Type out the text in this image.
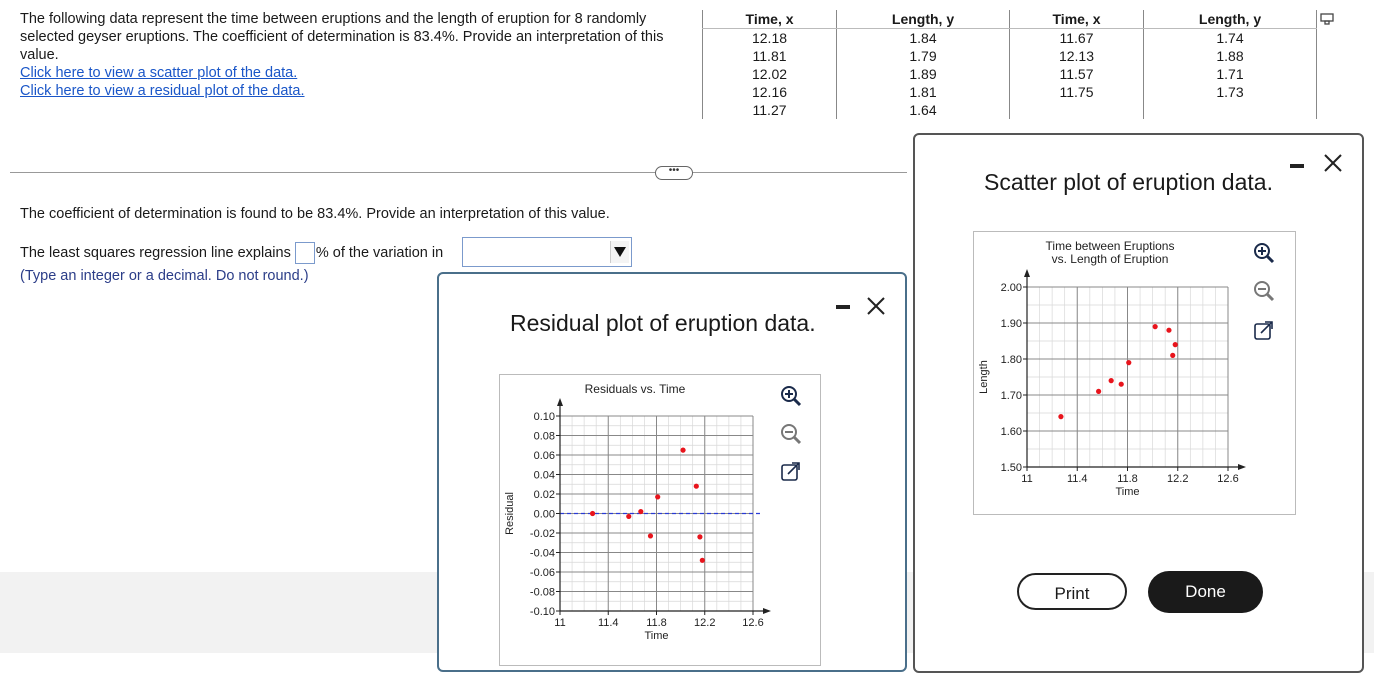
The following data represent the time between eruptions and the length of eruption for 8 randomly selected geyser eruptions. The coefficient of determination is 83.4%. Provide an interpretation of this value.
Click here to view a scatter plot of the data.
Click here to view a residual plot of the data.
Time, x	Length, y	Time, x	Length, y
12.18	1.84	11.67	1.74
11.81	1.79	12.13	1.88
12.02	1.89	11.57	1.71
12.16	1.81	11.75	1.73
11.27	1.64		
•••
The coefficient of determination is found to be 83.4%. Provide an interpretation of this value.
The least squares regression line explains % of the variation in
(Type an integer or a decimal. Do not round.)
Residual plot of eruption data.
Residuals vs. Time
11	11.4	11.8 12.2 12.6
0.10
0.08
0.06
0.04
0.02
0.00
-0.02
-0.04
-0.06
-0.08
-0.10
Time
Residual
Scatter plot of eruption data.
Time between Eruptions
vs. Length of Eruption
11	11.4	11.8	12.2	12.6
2.00
1.90
1.80
1.70
1.60
1.50
Time
Length
Print	Done
